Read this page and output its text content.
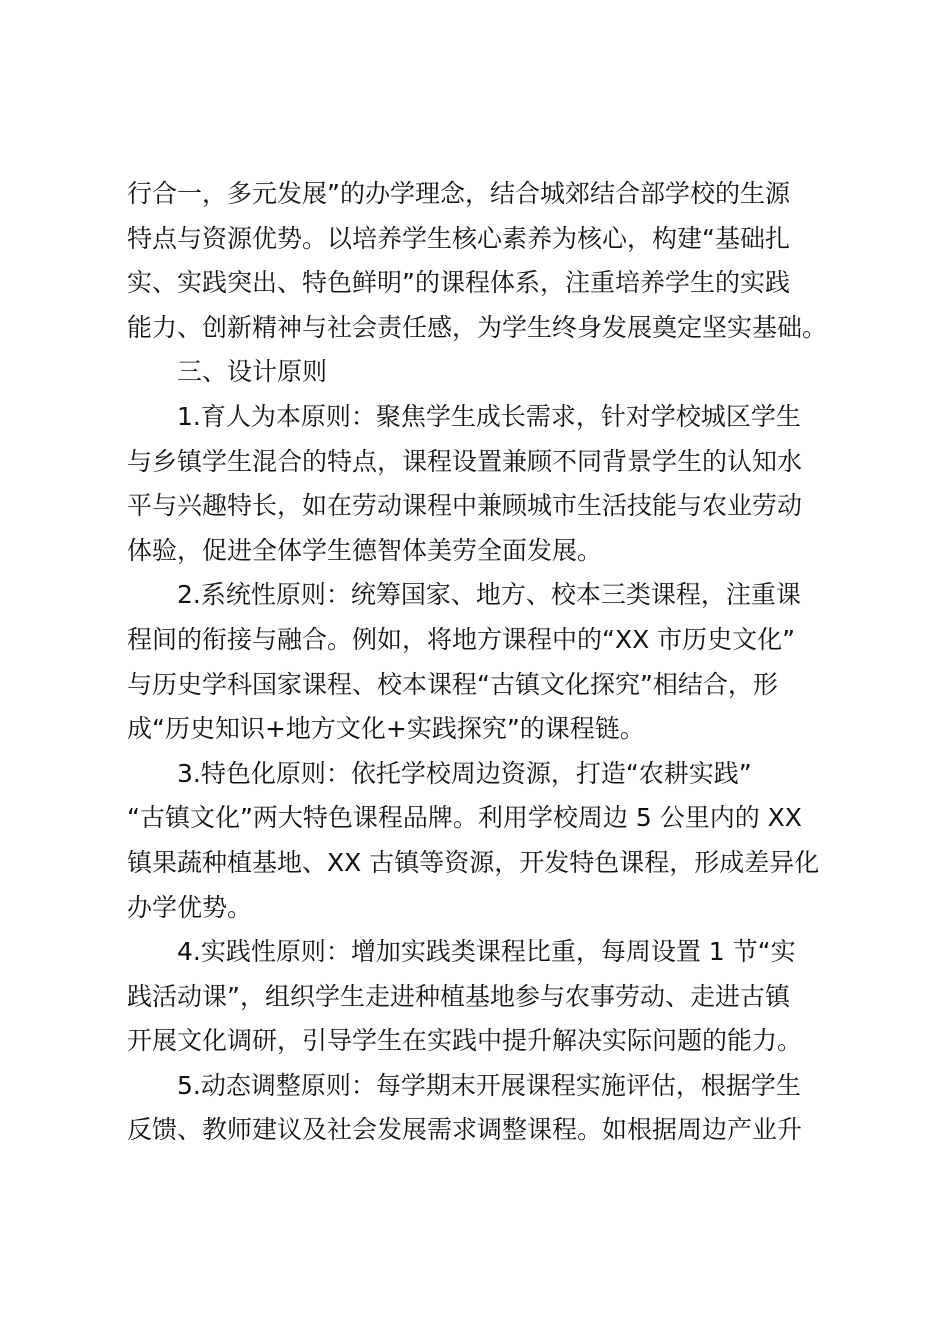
行合一，多元发展”的办学理念，结合城郊结合部学校的生源
特点与资源优势。以培养学生核心素养为核心，构建“基础扎
实、实践突出、特色鲜明”的课程体系，注重培养学生的实践
能力、创新精神与社会责任感，为学生终身发展奠定坚实基础。
三、设计原则
1.育人为本原则：聚焦学生成长需求，针对学校城区学生
与乡镇学生混合的特点，课程设置兼顾不同背景学生的认知水
平与兴趣特长，如在劳动课程中兼顾城市生活技能与农业劳动
体验，促进全体学生德智体美劳全面发展。
2.系统性原则：统筹国家、地方、校本三类课程，注重课
程间的衔接与融合。例如，将地方课程中的“XX 市历史文化”
与历史学科国家课程、校本课程“古镇文化探究”相结合，形
成“历史知识+地方文化+实践探究”的课程链。
3.特色化原则：依托学校周边资源，打造“农耕实践”
“古镇文化”两大特色课程品牌。利用学校周边 5 公里内的 XX
镇果蔬种植基地、XX 古镇等资源，开发特色课程，形成差异化
办学优势。
4.实践性原则：增加实践类课程比重，每周设置 1 节“实
践活动课”，组织学生走进种植基地参与农事劳动、走进古镇
开展文化调研，引导学生在实践中提升解决实际问题的能力。
5.动态调整原则：每学期末开展课程实施评估，根据学生
反馈、教师建议及社会发展需求调整课程。如根据周边产业升
